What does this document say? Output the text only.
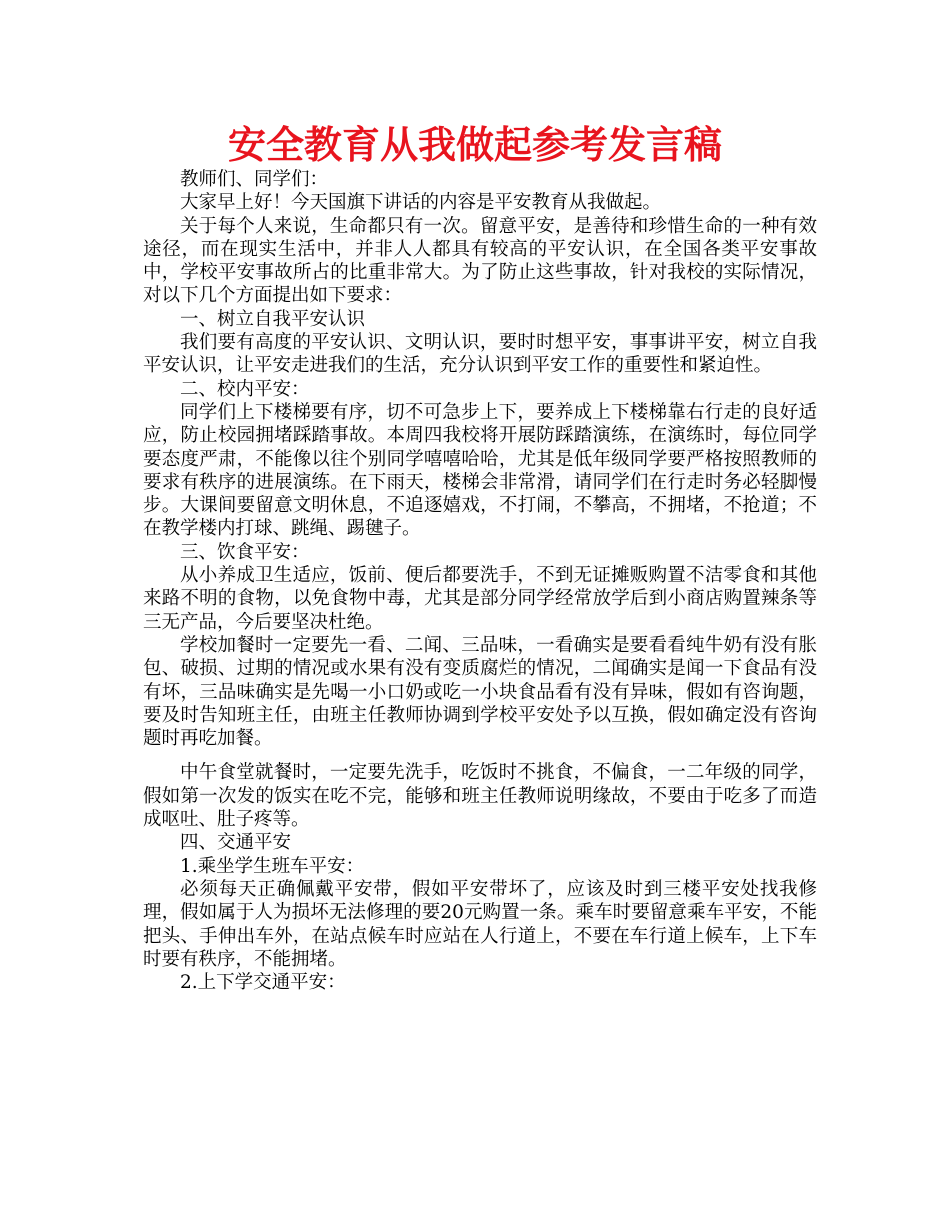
安全教育从我做起参考发言稿

教师们、同学们：

大家早上好！今天国旗下讲话的内容是平安教育从我做起。

关于每个人来说，生命都只有一次。留意平安，是善待和珍惜生命的一种有效途径，而在现实生活中，并非人人都具有较高的平安认识，在全国各类平安事故中，学校平安事故所占的比重非常大。为了防止这些事故，针对我校的实际情况，对以下几个方面提出如下要求：

一、树立自我平安认识

我们要有高度的平安认识、文明认识，要时时想平安，事事讲平安，树立自我平安认识，让平安走进我们的生活，充分认识到平安工作的重要性和紧迫性。

二、校内平安：

同学们上下楼梯要有序，切不可急步上下，要养成上下楼梯靠右行走的良好适应，防止校园拥堵踩踏事故。本周四我校将开展防踩踏演练，在演练时，每位同学要态度严肃，不能像以往个别同学嘻嘻哈哈，尤其是低年级同学要严格按照教师的要求有秩序的进展演练。在下雨天，楼梯会非常滑，请同学们在行走时务必轻脚慢步。大课间要留意文明休息，不追逐嬉戏，不打闹，不攀高，不拥堵，不抢道；不在教学楼内打球、跳绳、踢毽子。

三、饮食平安：

从小养成卫生适应，饭前、便后都要洗手，不到无证摊贩购置不洁零食和其他来路不明的食物，以免食物中毒，尤其是部分同学经常放学后到小商店购置辣条等三无产品，今后要坚决杜绝。

学校加餐时一定要先一看、二闻、三品味，一看确实是要看看纯牛奶有没有胀包、破损、过期的情况或水果有没有变质腐烂的情况，二闻确实是闻一下食品有没有坏，三品味确实是先喝一小口奶或吃一小块食品看有没有异味，假如有咨询题，要及时告知班主任，由班主任教师协调到学校平安处予以互换，假如确定没有咨询题时再吃加餐。

中午食堂就餐时，一定要先洗手，吃饭时不挑食，不偏食，一二年级的同学，假如第一次发的饭实在吃不完，能够和班主任教师说明缘故，不要由于吃多了而造成呕吐、肚子疼等。

四、交通平安

1.乘坐学生班车平安：

必须每天正确佩戴平安带，假如平安带坏了，应该及时到三楼平安处找我修理，假如属于人为损坏无法修理的要20元购置一条。乘车时要留意乘车平安，不能把头、手伸出车外，在站点候车时应站在人行道上，不要在车行道上候车，上下车时要有秩序，不能拥堵。

2.上下学交通平安：
